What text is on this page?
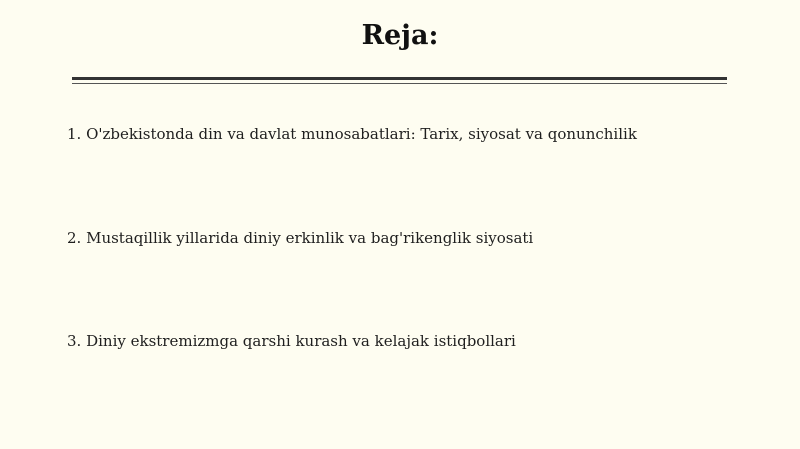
Reja:
1. O'zbekistonda din va davlat munosabatlari: Tarix, siyosat va qonunchilik
2. Mustaqillik yillarida diniy erkinlik va bag'rikenglik siyosati
3. Diniy ekstremizmga qarshi kurash va kelajak istiqbollari
